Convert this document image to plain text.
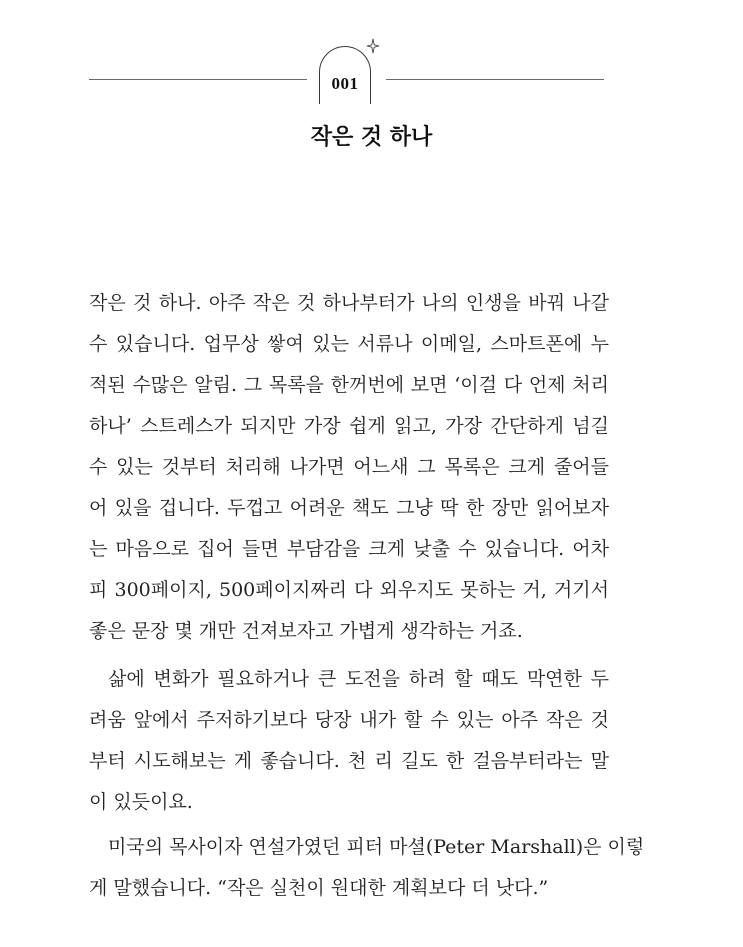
001
작은 것 하나
작은 것 하나. 아주 작은 것 하나부터가 나의 인생을 바꿔 나갈
수 있습니다. 업무상 쌓여 있는 서류나 이메일, 스마트폰에 누
적된 수많은 알림. 그 목록을 한꺼번에 보면 ‘이걸 다 언제 처리
하나’ 스트레스가 되지만 가장 쉽게 읽고, 가장 간단하게 넘길
수 있는 것부터 처리해 나가면 어느새 그 목록은 크게 줄어들
어 있을 겁니다. 두껍고 어려운 책도 그냥 딱 한 장만 읽어보자
는 마음으로 집어 들면 부담감을 크게 낮출 수 있습니다. 어차
피 300페이지, 500페이지짜리 다 외우지도 못하는 거, 거기서
좋은 문장 몇 개만 건져보자고 가볍게 생각하는 거죠.
삶에 변화가 필요하거나 큰 도전을 하려 할 때도 막연한 두
려움 앞에서 주저하기보다 당장 내가 할 수 있는 아주 작은 것
부터 시도해보는 게 좋습니다. 천 리 길도 한 걸음부터라는 말
이 있듯이요.
미국의 목사이자 연설가였던 피터 마셜(Peter Marshall)은 이렇
게 말했습니다. “작은 실천이 원대한 계획보다 더 낫다.”
